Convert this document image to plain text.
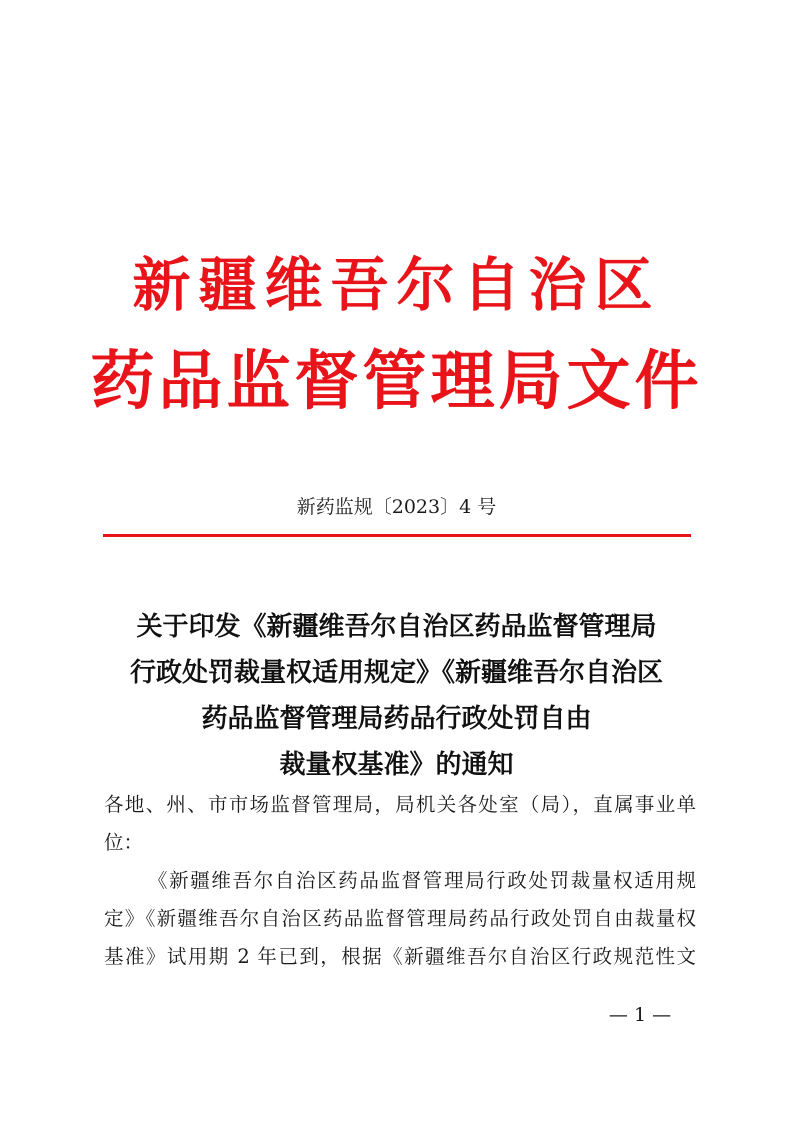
新疆维吾尔自治区
药品监督管理局文件
新药监规〔2023〕4 号
关于印发《新疆维吾尔自治区药品监督管理局
行政处罚裁量权适用规定》《新疆维吾尔自治区
药品监督管理局药品行政处罚自由
裁量权基准》的通知
各地、州、市市场监督管理局，局机关各处室（局），直属事业单
位：
《新疆维吾尔自治区药品监督管理局行政处罚裁量权适用规
定》《新疆维吾尔自治区药品监督管理局药品行政处罚自由裁量权
基准》试用期 2 年已到，根据《新疆维吾尔自治区行政规范性文
— 1 —
